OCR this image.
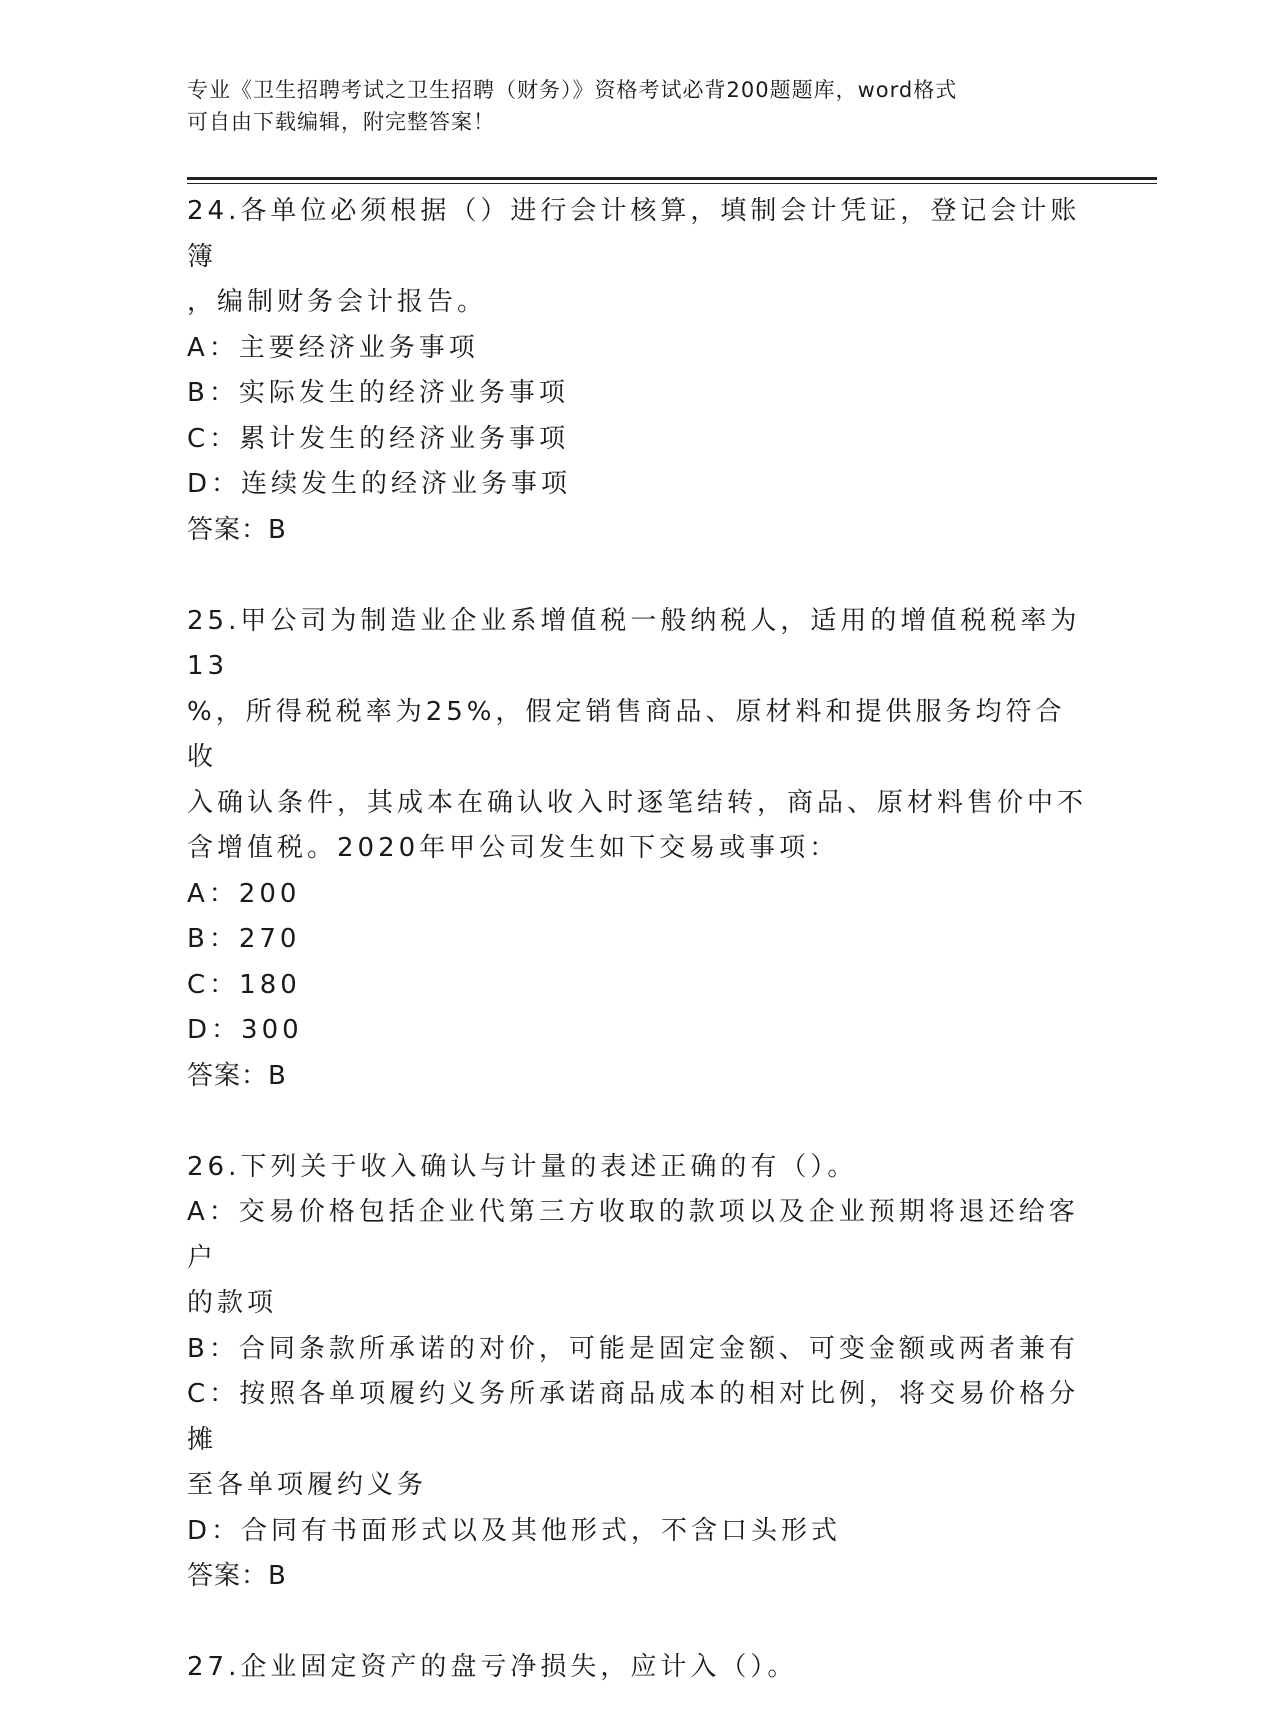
专业《卫生招聘考试之卫生招聘（财务）》资格考试必背200题题库，word格式
可自由下载编辑，附完整答案！
24.各单位必须根据（）进行会计核算，填制会计凭证，登记会计账簿
，编制财务会计报告。
A：主要经济业务事项
B：实际发生的经济业务事项
C：累计发生的经济业务事项
D：连续发生的经济业务事项
答案：B
25.甲公司为制造业企业系增值税一般纳税人，适用的增值税税率为13
%，所得税税率为25%，假定销售商品、原材料和提供服务均符合收
入确认条件，其成本在确认收入时逐笔结转，商品、原材料售价中不
含增值税。2020年甲公司发生如下交易或事项：
A：200
B：270
C：180
D：300
答案：B
26.下列关于收入确认与计量的表述正确的有（）。
A：交易价格包括企业代第三方收取的款项以及企业预期将退还给客户
的款项
B：合同条款所承诺的对价，可能是固定金额、可变金额或两者兼有
C：按照各单项履约义务所承诺商品成本的相对比例，将交易价格分摊
至各单项履约义务
D：合同有书面形式以及其他形式，不含口头形式
答案：B
27.企业固定资产的盘亏净损失，应计入（）。
